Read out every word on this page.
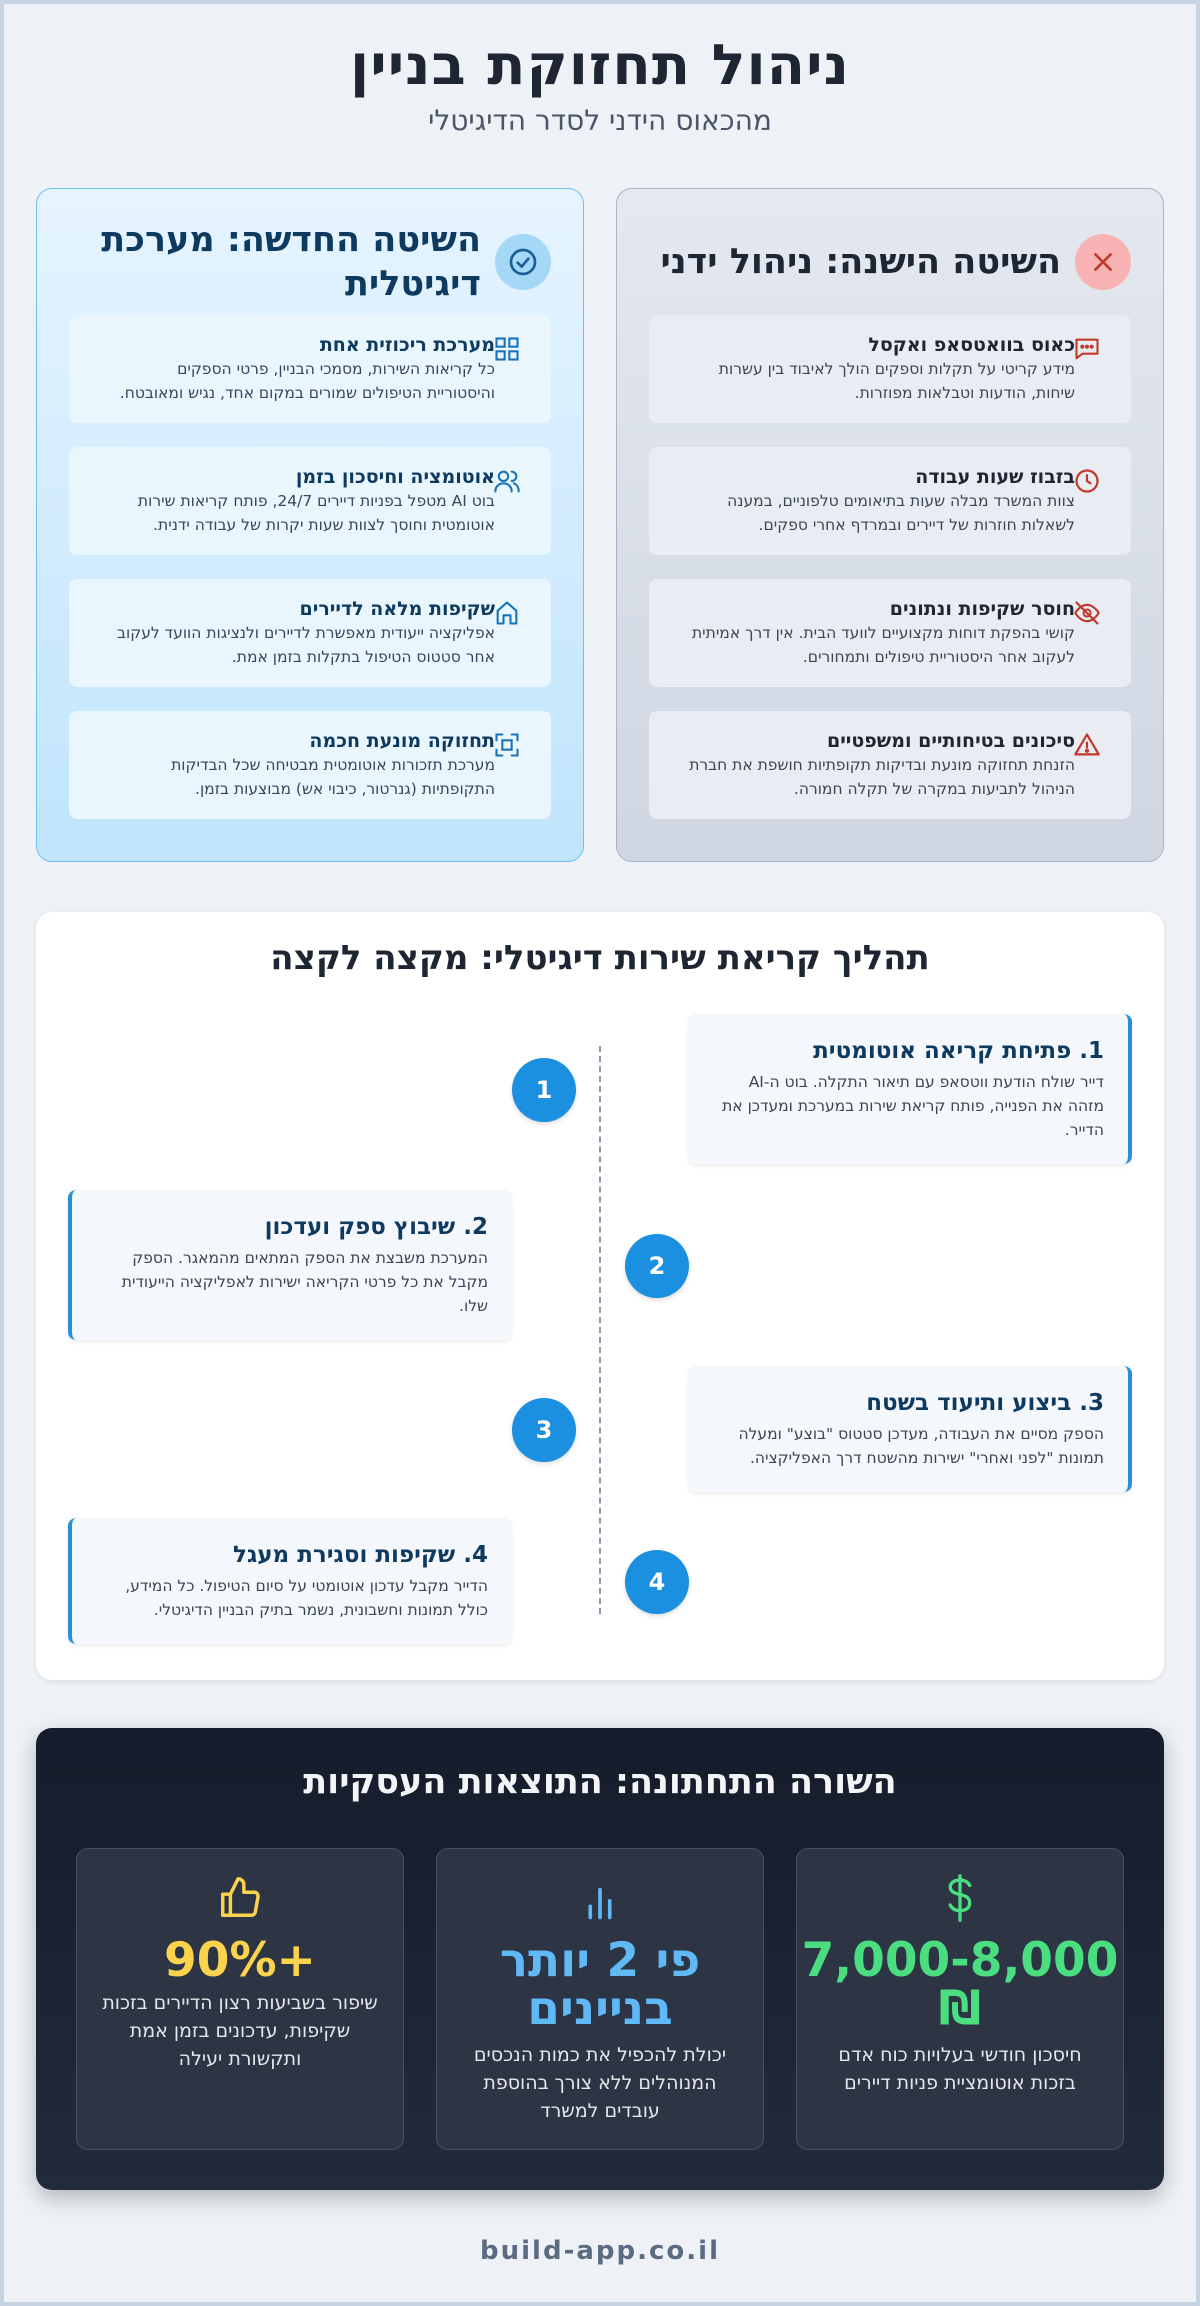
ניהול תחזוקת בניין
מהכאוס הידני לסדר הדיגיטלי
השיטה הישנה: ניהול ידני
כאוס בוואטסאפ ואקסל
מידע קריטי על תקלות וספקים הולך לאיבוד בין עשרות שיחות, הודעות וטבלאות מפוזרות.
בזבוז שעות עבודה
צוות המשרד מבלה שעות בתיאומים טלפוניים, במענה לשאלות חוזרות של דיירים ובמרדף אחרי ספקים.
חוסר שקיפות ונתונים
קושי בהפקת דוחות מקצועיים לוועד הבית. אין דרך אמיתית לעקוב אחר היסטוריית טיפולים ותמחורים.
סיכונים בטיחותיים ומשפטיים
הזנחת תחזוקה מונעת ובדיקות תקופתיות חושפת את חברת הניהול לתביעות במקרה של תקלה חמורה.
השיטה החדשה: מערכת דיגיטלית
מערכת ריכוזית אחת
כל קריאות השירות, מסמכי הבניין, פרטי הספקים והיסטוריית הטיפולים שמורים במקום אחד, נגיש ומאובטח.
אוטומציה וחיסכון בזמן
בוט AI מטפל בפניות דיירים 24/7, פותח קריאות שירות אוטומטית וחוסך לצוות שעות יקרות של עבודה ידנית.
שקיפות מלאה לדיירים
אפליקציה ייעודית מאפשרת לדיירים ולנציגות הוועד לעקוב אחר סטטוס הטיפול בתקלות בזמן אמת.
תחזוקה מונעת חכמה
מערכת תזכורות אוטומטית מבטיחה שכל הבדיקות התקופתיות (גנרטור, כיבוי אש) מבוצעות בזמן.
תהליך קריאת שירות דיגיטלי: מקצה לקצה
1. פתיחת קריאה אוטומטית
דייר שולח הודעת ווטסאפ עם תיאור התקלה. בוט ה-AI מזהה את הפנייה, פותח קריאת שירות במערכת ומעדכן את הדייר.
1
2. שיבוץ ספק ועדכון
המערכת משבצת את הספק המתאים מהמאגר. הספק מקבל את כל פרטי הקריאה ישירות לאפליקציה הייעודית שלו.
2
3. ביצוע ותיעוד בשטח
הספק מסיים את העבודה, מעדכן סטטוס "בוצע" ומעלה תמונות "לפני ואחרי" ישירות מהשטח דרך האפליקציה.
3
4. שקיפות וסגירת מעגל
הדייר מקבל עדכון אוטומטי על סיום הטיפול. כל המידע, כולל תמונות וחשבונית, נשמר בתיק הבניין הדיגיטלי.
4
השורה התחתונה: התוצאות העסקיות
7,000-8,000 ₪
חיסכון חודשי בעלויות כוח אדם בזכות אוטומציית פניות דיירים
פי 2 יותר בניינים
יכולת להכפיל את כמות הנכסים המנוהלים ללא צורך בהוספת עובדים למשרד
+90%
שיפור בשביעות רצון הדיירים בזכות שקיפות, עדכונים בזמן אמת ותקשורת יעילה
build-app.co.il
